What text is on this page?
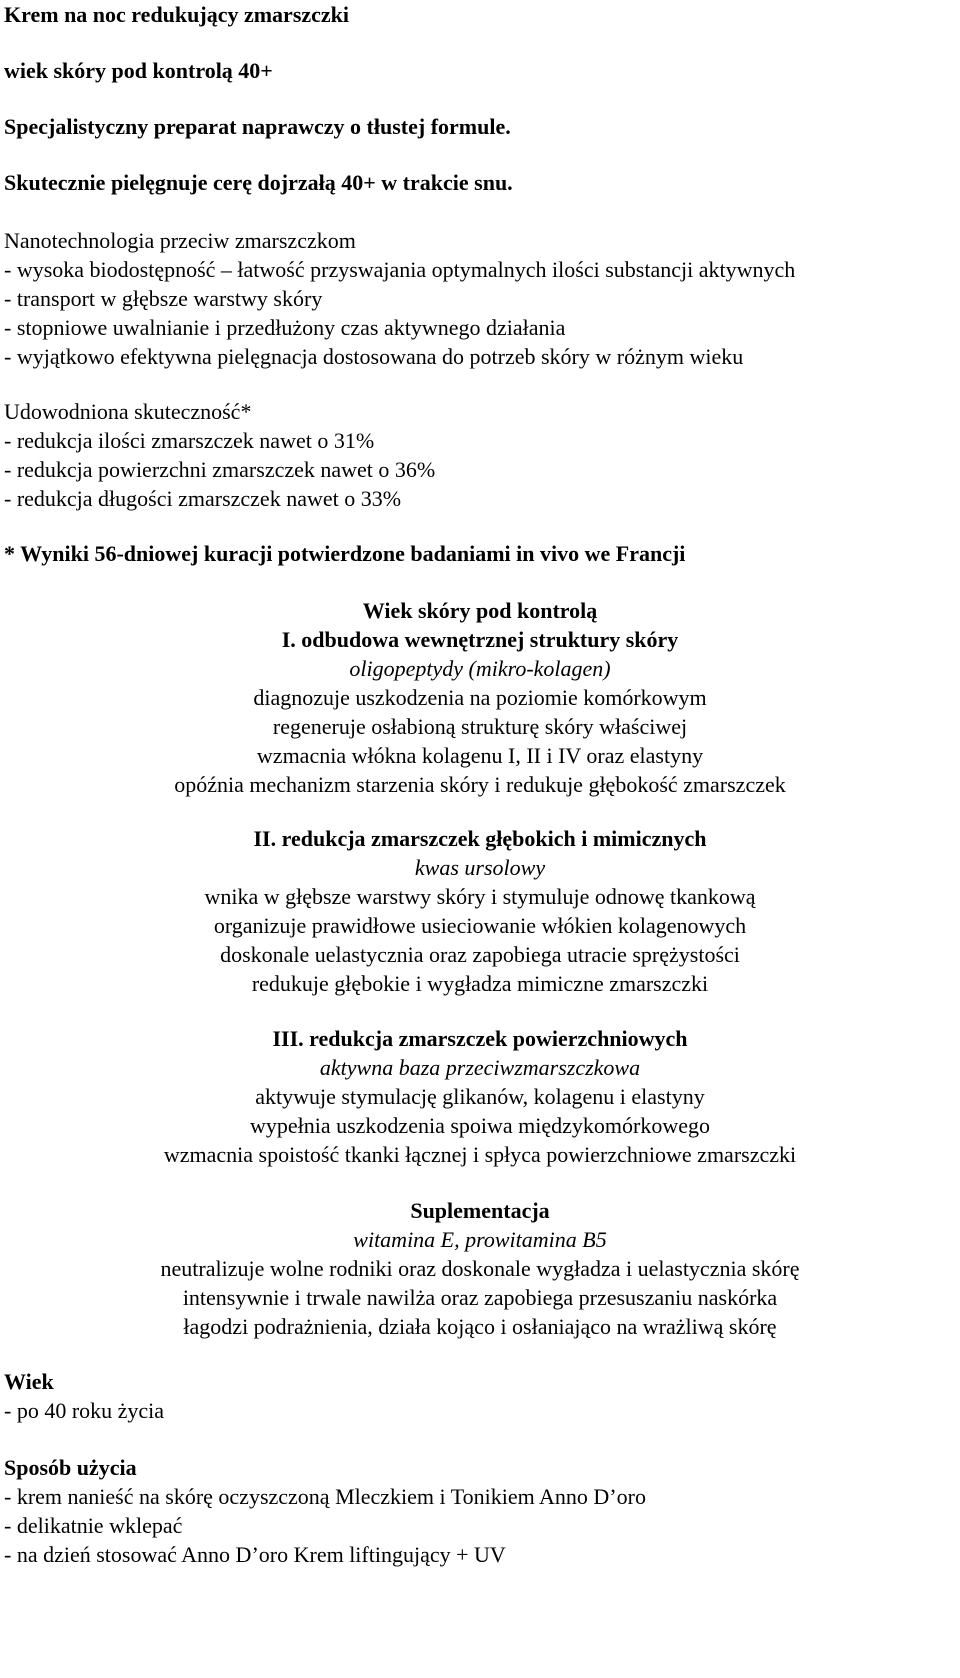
Krem na noc redukujący zmarszczki
wiek skóry pod kontrolą 40+
Specjalistyczny preparat naprawczy o tłustej formule.
Skutecznie pielęgnuje cerę dojrzałą 40+ w trakcie snu.
Nanotechnologia przeciw zmarszczkom
- wysoka biodostępność – łatwość przyswajania optymalnych ilości substancji aktywnych
- transport w głębsze warstwy skóry
- stopniowe uwalnianie i przedłużony czas aktywnego działania
- wyjątkowo efektywna pielęgnacja dostosowana do potrzeb skóry w różnym wieku
Udowodniona skuteczność*
- redukcja ilości zmarszczek nawet o 31%
- redukcja powierzchni zmarszczek nawet o 36%
- redukcja długości zmarszczek nawet o 33%
* Wyniki 56-dniowej kuracji potwierdzone badaniami in vivo we Francji
Wiek skóry pod kontrolą
I. odbudowa wewnętrznej struktury skóry
oligopeptydy (mikro-kolagen)
diagnozuje uszkodzenia na poziomie komórkowym
regeneruje osłabioną strukturę skóry właściwej
wzmacnia włókna kolagenu I, II i IV oraz elastyny
opóźnia mechanizm starzenia skóry i redukuje głębokość zmarszczek
II. redukcja zmarszczek głębokich i mimicznych
kwas ursolowy
wnika w głębsze warstwy skóry i stymuluje odnowę tkankową
organizuje prawidłowe usieciowanie włókien kolagenowych
doskonale uelastycznia oraz zapobiega utracie sprężystości
redukuje głębokie i wygładza mimiczne zmarszczki
III. redukcja zmarszczek powierzchniowych
aktywna baza przeciwzmarszczkowa
aktywuje stymulację glikanów, kolagenu i elastyny
wypełnia uszkodzenia spoiwa międzykomórkowego
wzmacnia spoistość tkanki łącznej i spłyca powierzchniowe zmarszczki
Suplementacja
witamina E, prowitamina B5
neutralizuje wolne rodniki oraz doskonale wygładza i uelastycznia skórę
intensywnie i trwale nawilża oraz zapobiega przesuszaniu naskórka
łagodzi podrażnienia, działa kojąco i osłaniająco na wrażliwą skórę
Wiek
- po 40 roku życia
Sposób użycia
- krem nanieść na skórę oczyszczoną Mleczkiem i Tonikiem Anno D’oro
- delikatnie wklepać
- na dzień stosować Anno D’oro Krem liftingujący + UV
